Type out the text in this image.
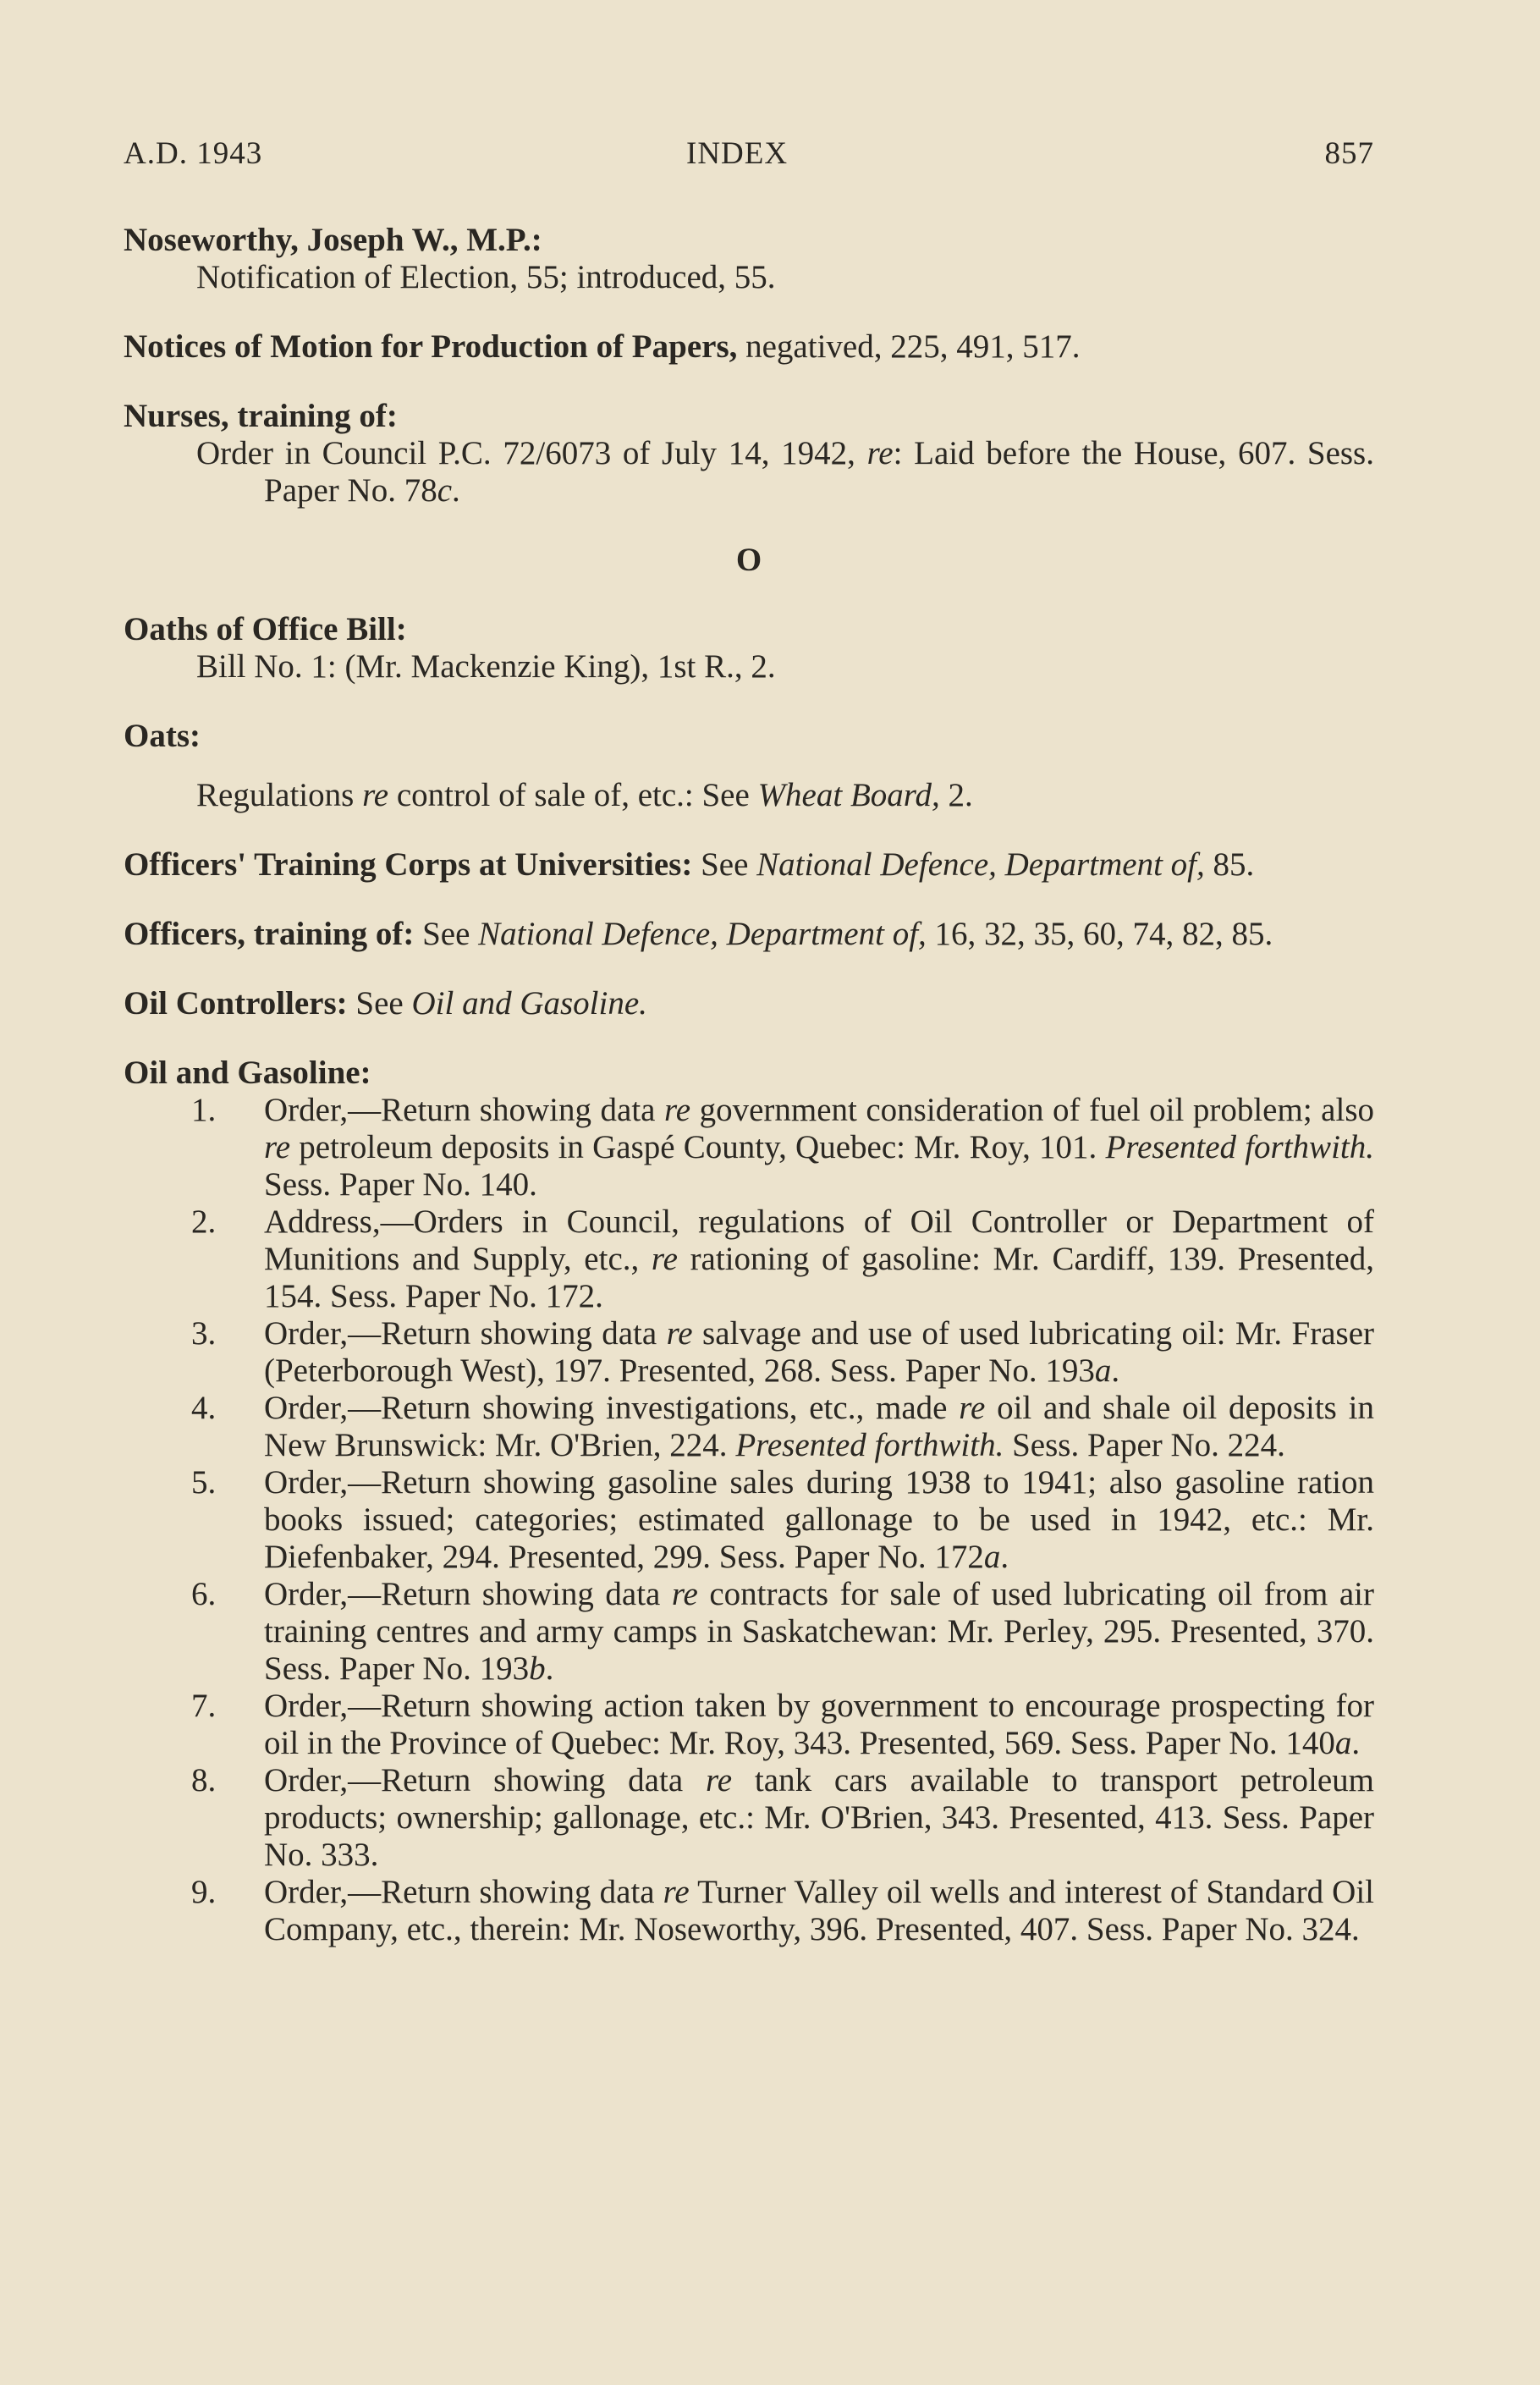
A.D. 1943	INDEX	857
Noseworthy, Joseph W., M.P.:
Notification of Election, 55; introduced, 55.
Notices of Motion for Production of Papers, negatived, 225, 491, 517.
Nurses, training of:
Order in Council P.C. 72/6073 of July 14, 1942, re: Laid before the House, 607. Sess. Paper No. 78c.
O
Oaths of Office Bill:
Bill No. 1: (Mr. Mackenzie King), 1st R., 2.
Oats:
Regulations re control of sale of, etc.: See Wheat Board, 2.
Officers' Training Corps at Universities: See National Defence, Department of, 85.
Officers, training of: See National Defence, Department of, 16, 32, 35, 60, 74, 82, 85.
Oil Controllers: See Oil and Gasoline.
Oil and Gasoline:
1.	Order,—Return showing data re government consideration of fuel oil problem; also re petroleum deposits in Gaspé County, Quebec: Mr. Roy, 101. Presented forthwith. Sess. Paper No. 140.
2.	Address,—Orders in Council, regulations of Oil Controller or Department of Munitions and Supply, etc., re rationing of gasoline: Mr. Cardiff, 139. Presented, 154. Sess. Paper No. 172.
3.	Order,—Return showing data re salvage and use of used lubricating oil: Mr. Fraser (Peterborough West), 197. Presented, 268. Sess. Paper No. 193a.
4.	Order,—Return showing investigations, etc., made re oil and shale oil deposits in New Brunswick: Mr. O'Brien, 224. Presented forthwith. Sess. Paper No. 224.
5.	Order,—Return showing gasoline sales during 1938 to 1941; also gasoline ration books issued; categories; estimated gallonage to be used in 1942, etc.: Mr. Diefenbaker, 294. Presented, 299. Sess. Paper No. 172a.
6.	Order,—Return showing data re contracts for sale of used lubricating oil from air training centres and army camps in Saskatchewan: Mr. Perley, 295. Presented, 370. Sess. Paper No. 193b.
7.	Order,—Return showing action taken by government to encourage prospecting for oil in the Province of Quebec: Mr. Roy, 343. Presented, 569. Sess. Paper No. 140a.
8.	Order,—Return showing data re tank cars available to transport petroleum products; ownership; gallonage, etc.: Mr. O'Brien, 343. Presented, 413. Sess. Paper No. 333.
9.	Order,—Return showing data re Turner Valley oil wells and interest of Standard Oil Company, etc., therein: Mr. Noseworthy, 396. Presented, 407. Sess. Paper No. 324.
